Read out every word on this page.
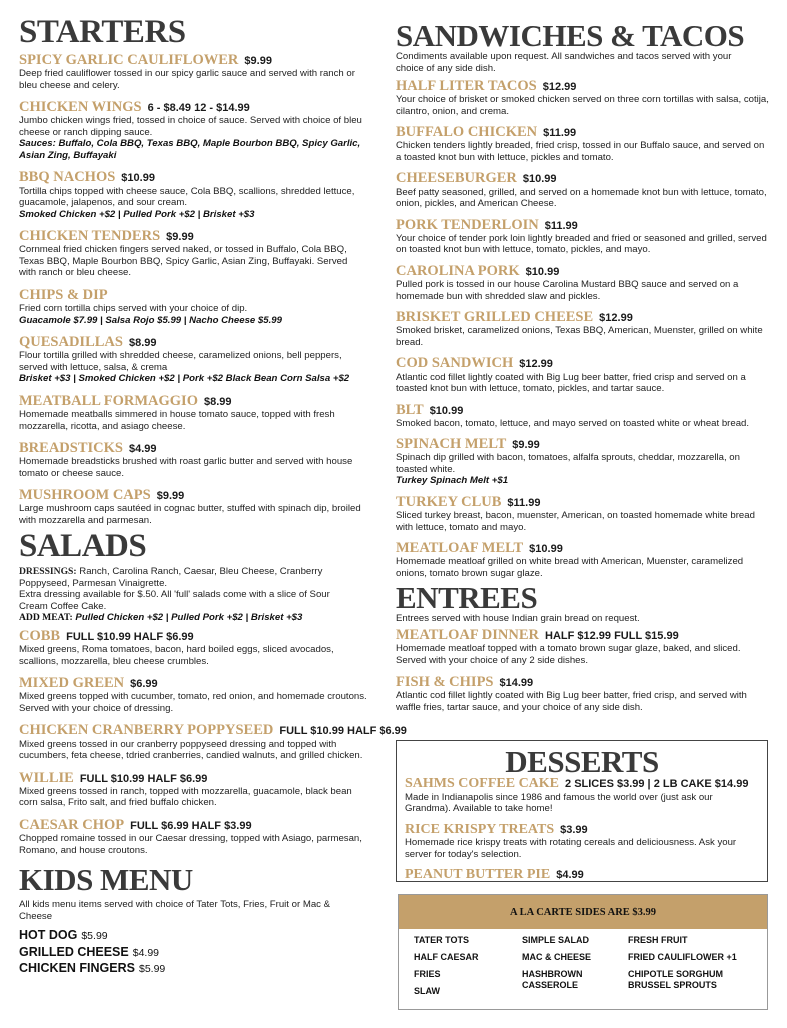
STARTERS
SPICY GARLIC CAULIFLOWER $9.99
Deep fried cauliflower tossed in our spicy garlic sauce and served with ranch or bleu cheese and celery.
CHICKEN WINGS 6 - $8.49 12 - $14.99
Jumbo chicken wings fried, tossed in choice of sauce. Served with choice of bleu cheese or ranch dipping sauce.
Sauces: Buffalo, Cola BBQ, Texas BBQ, Maple Bourbon BBQ, Spicy Garlic, Asian Zing, Buffayaki
BBQ NACHOS $10.99
Tortilla chips topped with cheese sauce, Cola BBQ, scallions, shredded lettuce, guacamole, jalapenos, and sour cream.
Smoked Chicken +$2 | Pulled Pork +$2 | Brisket +$3
CHICKEN TENDERS $9.99
Cornmeal fried chicken fingers served naked, or tossed in Buffalo, Cola BBQ, Texas BBQ, Maple Bourbon BBQ, Spicy Garlic, Asian Zing, Buffayaki. Served with ranch or bleu cheese.
CHIPS & DIP
Fried corn tortilla chips served with your choice of dip.
Guacamole $7.99 | Salsa Rojo $5.99 | Nacho Cheese $5.99
QUESADILLAS $8.99
Flour tortilla grilled with shredded cheese, caramelized onions, bell peppers, served with lettuce, salsa, & crema
Brisket +$3 | Smoked Chicken +$2 | Pork +$2 Black Bean Corn Salsa +$2
MEATBALL FORMAGGIO $8.99
Homemade meatballs simmered in house tomato sauce, topped with fresh mozzarella, ricotta, and asiago cheese.
BREADSTICKS $4.99
Homemade breadsticks brushed with roast garlic butter and served with house tomato or cheese sauce.
MUSHROOM CAPS $9.99
Large mushroom caps sautéed in cognac butter, stuffed with spinach dip, broiled with mozzarella and parmesan.
SALADS
DRESSINGS: Ranch, Carolina Ranch, Caesar, Bleu Cheese, Cranberry Poppyseed, Parmesan Vinaigrette.
Extra dressing available for $.50. All 'full' salads come with a slice of Sour Cream Coffee Cake.
ADD MEAT: Pulled Chicken +$2 | Pulled Pork +$2 | Brisket +$3
COBB FULL $10.99 HALF $6.99
Mixed greens, Roma tomatoes, bacon, hard boiled eggs, sliced avocados, scallions, mozzarella, bleu cheese crumbles.
MIXED GREEN $6.99
Mixed greens topped with cucumber, tomato, red onion, and homemade croutons. Served with your choice of dressing.
CHICKEN CRANBERRY POPPYSEED FULL $10.99 HALF $6.99
Mixed greens tossed in our cranberry poppyseed dressing and topped with cucumbers, feta cheese, tdried cranberries, candied walnuts, and grilled chicken.
WILLIE FULL $10.99 HALF $6.99
Mixed greens tossed in ranch, topped with mozzarella, guacamole, black bean corn salsa, Frito salt, and fried buffalo chicken.
CAESAR CHOP FULL $6.99 HALF $3.99
Chopped romaine tossed in our Caesar dressing, topped with Asiago, parmesan, Romano, and house croutons.
KIDS MENU
All kids menu items served with choice of Tater Tots, Fries, Fruit or Mac & Cheese
HOT DOG $5.99
GRILLED CHEESE $4.99
CHICKEN FINGERS $5.99
SANDWICHES & TACOS
Condiments available upon request. All sandwiches and tacos served with your choice of any side dish.
HALF LITER TACOS $12.99
Your choice of brisket or smoked chicken served on three corn tortillas with salsa, cotija, cilantro, onion, and crema.
BUFFALO CHICKEN $11.99
Chicken tenders lightly breaded, fried crisp, tossed in our Buffalo sauce, and served on a toasted knot bun with lettuce, pickles and tomato.
CHEESEBURGER $10.99
Beef patty seasoned, grilled, and served on a homemade knot bun with lettuce, tomato, onion, pickles, and American Cheese.
PORK TENDERLOIN $11.99
Your choice of tender pork loin lightly breaded and fried or seasoned and grilled, served on toasted knot bun with lettuce, tomato, pickles, and mayo.
CAROLINA PORK $10.99
Pulled pork is tossed in our house Carolina Mustard BBQ sauce and served on a homemade bun with shredded slaw and pickles.
BRISKET GRILLED CHEESE $12.99
Smoked brisket, caramelized onions, Texas BBQ, American, Muenster, grilled on white bread.
COD SANDWICH $12.99
Atlantic cod fillet lightly coated with Big Lug beer batter, fried crisp and served on a toasted knot bun with lettuce, tomato, pickles, and tartar sauce.
BLT $10.99
Smoked bacon, tomato, lettuce, and mayo served on toasted white or wheat bread.
SPINACH MELT $9.99
Spinach dip grilled with bacon, tomatoes, alfalfa sprouts, cheddar, mozzarella, on toasted white.
Turkey Spinach Melt +$1
TURKEY CLUB $11.99
Sliced turkey breast, bacon, muenster, American, on toasted homemade white bread with lettuce, tomato and mayo.
MEATLOAF MELT $10.99
Homemade meatloaf grilled on white bread with American, Muenster, caramelized onions, tomato brown sugar glaze.
ENTREES
Entrees served with house Indian grain bread on request.
MEATLOAF DINNER HALF $12.99 FULL $15.99
Homemade meatloaf topped with a tomato brown sugar glaze, baked, and sliced. Served with your choice of any 2 side dishes.
FISH & CHIPS $14.99
Atlantic cod fillet lightly coated with Big Lug beer batter, fried crisp, and served with waffle fries, tartar sauce, and your choice of any side dish.
DESSERTS
SAHMS COFFEE CAKE 2 SLICES $3.99 | 2 LB CAKE $14.99
Made in Indianapolis since 1986 and famous the world over (just ask our Grandma). Available to take home!
RICE KRISPY TREATS $3.99
Homemade rice krispy treats with rotating cereals and deliciousness. Ask your server for today's selection.
PEANUT BUTTER PIE $4.99
A LA CARTE SIDES ARE $3.99
TATER TOTS
HALF CAESAR
FRIES
SLAW
SIMPLE SALAD
MAC & CHEESE
HASHBROWN
CASSEROLE
FRESH FRUIT
FRIED CAULIFLOWER +1
CHIPOTLE SORGHUM
BRUSSEL SPROUTS
